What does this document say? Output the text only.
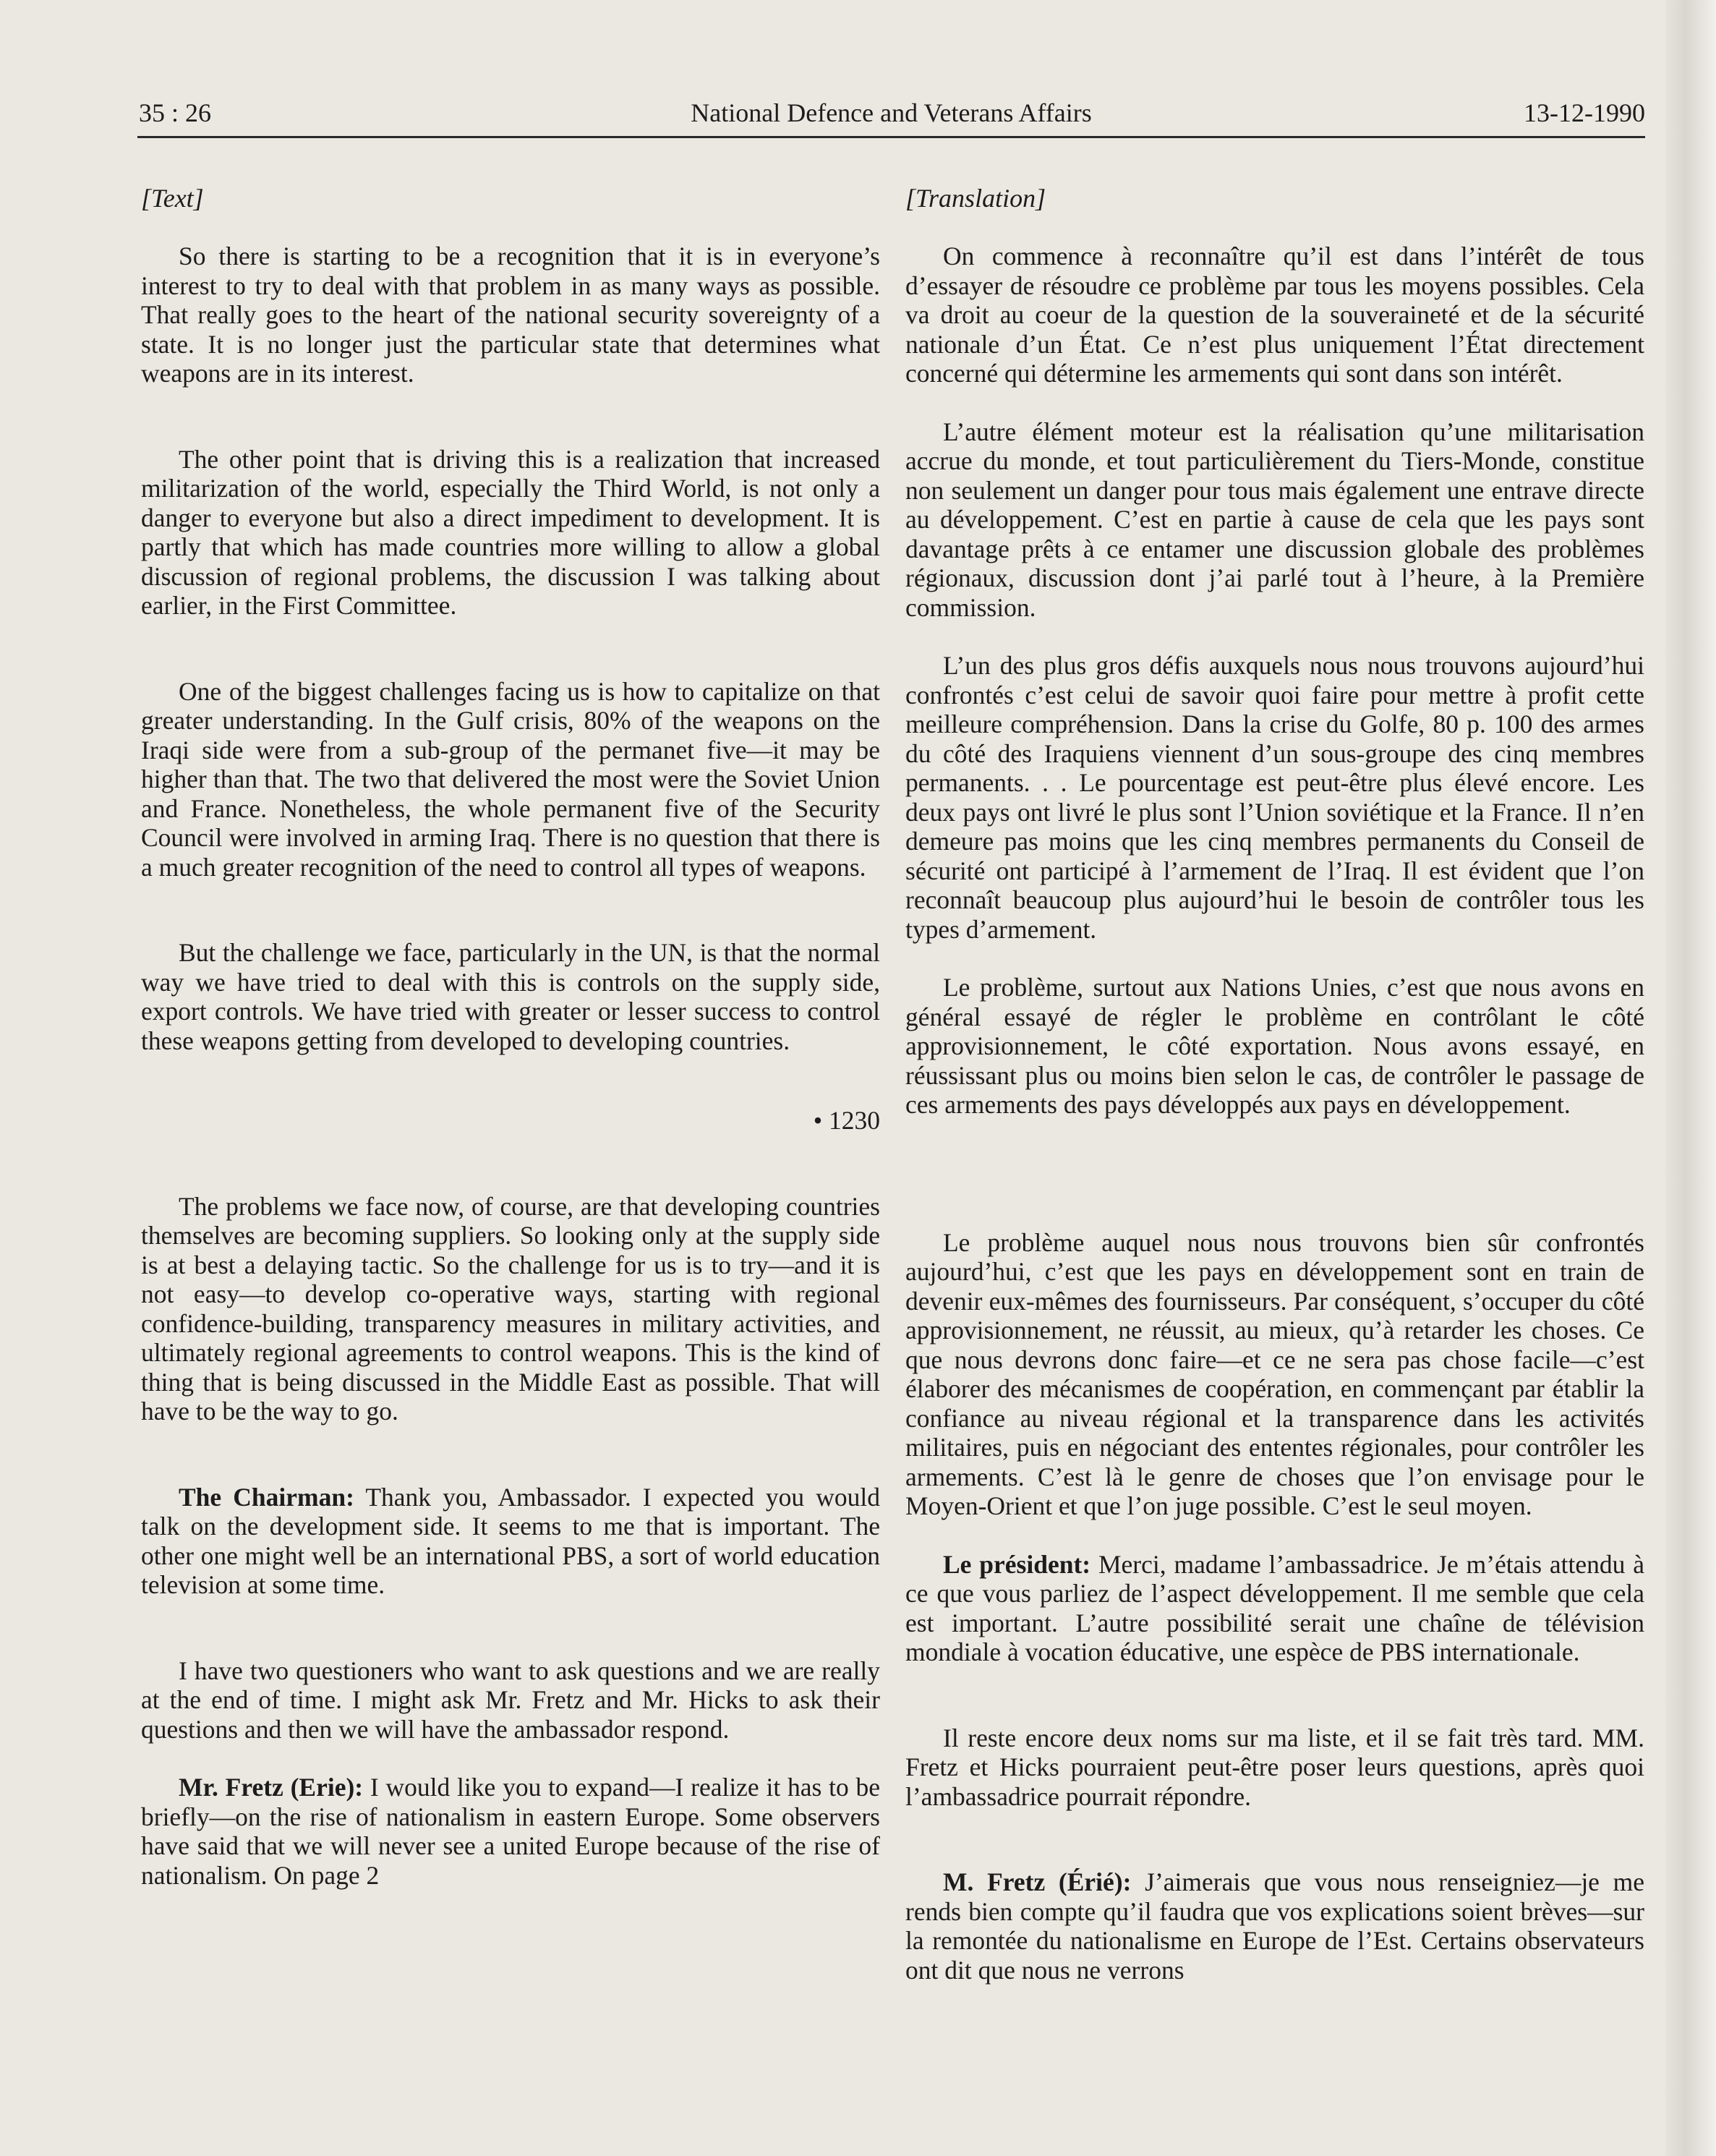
35 : 26	National Defence and Veterans Affairs	13-12-1990

[Text]

So there is starting to be a recognition that it is in everyone’s interest to try to deal with that problem in as many ways as possible. That really goes to the heart of the national security sovereignty of a state. It is no longer just the particular state that determines what weapons are in its interest.

The other point that is driving this is a realization that increased militarization of the world, especially the Third World, is not only a danger to everyone but also a direct impediment to development. It is partly that which has made countries more willing to allow a global discussion of regional problems, the discussion I was talking about earlier, in the First Committee.

One of the biggest challenges facing us is how to capitalize on that greater understanding. In the Gulf crisis, 80% of the weapons on the Iraqi side were from a sub-group of the permanet five—it may be higher than that. The two that delivered the most were the Soviet Union and France. Nonetheless, the whole permanent five of the Security Council were involved in arming Iraq. There is no question that there is a much greater recognition of the need to control all types of weapons.

But the challenge we face, particularly in the UN, is that the normal way we have tried to deal with this is controls on the supply side, export controls. We have tried with greater or lesser success to control these weapons getting from developed to developing countries.

• 1230

The problems we face now, of course, are that developing countries themselves are becoming suppliers. So looking only at the supply side is at best a delaying tactic. So the challenge for us is to try—and it is not easy—to develop co-operative ways, starting with regional confidence-building, transparency measures in military activities, and ultimately regional agreements to control weapons. This is the kind of thing that is being discussed in the Middle East as possible. That will have to be the way to go.

The Chairman: Thank you, Ambassador. I expected you would talk on the development side. It seems to me that is important. The other one might well be an international PBS, a sort of world education television at some time.

I have two questioners who want to ask questions and we are really at the end of time. I might ask Mr. Fretz and Mr. Hicks to ask their questions and then we will have the ambassador respond.

Mr. Fretz (Erie): I would like you to expand—I realize it has to be briefly—on the rise of nationalism in eastern Europe. Some observers have said that we will never see a united Europe because of the rise of nationalism. On page 2

[Translation]

On commence à reconnaître qu’il est dans l’intérêt de tous d’essayer de résoudre ce problème par tous les moyens possibles. Cela va droit au coeur de la question de la souveraineté et de la sécurité nationale d’un État. Ce n’est plus uniquement l’État directement concerné qui détermine les armements qui sont dans son intérêt.

L’autre élément moteur est la réalisation qu’une militarisation accrue du monde, et tout particulièrement du Tiers-Monde, constitue non seulement un danger pour tous mais également une entrave directe au développement. C’est en partie à cause de cela que les pays sont davantage prêts à ce entamer une discussion globale des problèmes régionaux, discussion dont j’ai parlé tout à l’heure, à la Première commission.

L’un des plus gros défis auxquels nous nous trouvons aujourd’hui confrontés c’est celui de savoir quoi faire pour mettre à profit cette meilleure compréhension. Dans la crise du Golfe, 80 p. 100 des armes du côté des Iraquiens viennent d’un sous-groupe des cinq membres permanents. . . Le pourcentage est peut-être plus élevé encore. Les deux pays ont livré le plus sont l’Union soviétique et la France. Il n’en demeure pas moins que les cinq membres permanents du Conseil de sécurité ont participé à l’armement de l’Iraq. Il est évident que l’on reconnaît beaucoup plus aujourd’hui le besoin de contrôler tous les types d’armement.

Le problème, surtout aux Nations Unies, c’est que nous avons en général essayé de régler le problème en contrôlant le côté approvisionnement, le côté exportation. Nous avons essayé, en réussissant plus ou moins bien selon le cas, de contrôler le passage de ces armements des pays développés aux pays en développement.

Le problème auquel nous nous trouvons bien sûr confrontés aujourd’hui, c’est que les pays en développement sont en train de devenir eux-mêmes des fournisseurs. Par conséquent, s’occuper du côté approvisionnement, ne réussit, au mieux, qu’à retarder les choses. Ce que nous devrons donc faire—et ce ne sera pas chose facile—c’est élaborer des mécanismes de coopération, en commençant par établir la confiance au niveau régional et la transparence dans les activités militaires, puis en négociant des ententes régionales, pour contrôler les armements. C’est là le genre de choses que l’on envisage pour le Moyen-Orient et que l’on juge possible. C’est le seul moyen.

Le président: Merci, madame l’ambassadrice. Je m’étais attendu à ce que vous parliez de l’aspect développement. Il me semble que cela est important. L’autre possibilité serait une chaîne de télévision mondiale à vocation éducative, une espèce de PBS internationale.

Il reste encore deux noms sur ma liste, et il se fait très tard. MM. Fretz et Hicks pourraient peut-être poser leurs questions, après quoi l’ambassadrice pourrait répondre.

M. Fretz (Érié): J’aimerais que vous nous renseigniez—je me rends bien compte qu’il faudra que vos explications soient brèves—sur la remontée du nationalisme en Europe de l’Est. Certains observateurs ont dit que nous ne verrons
